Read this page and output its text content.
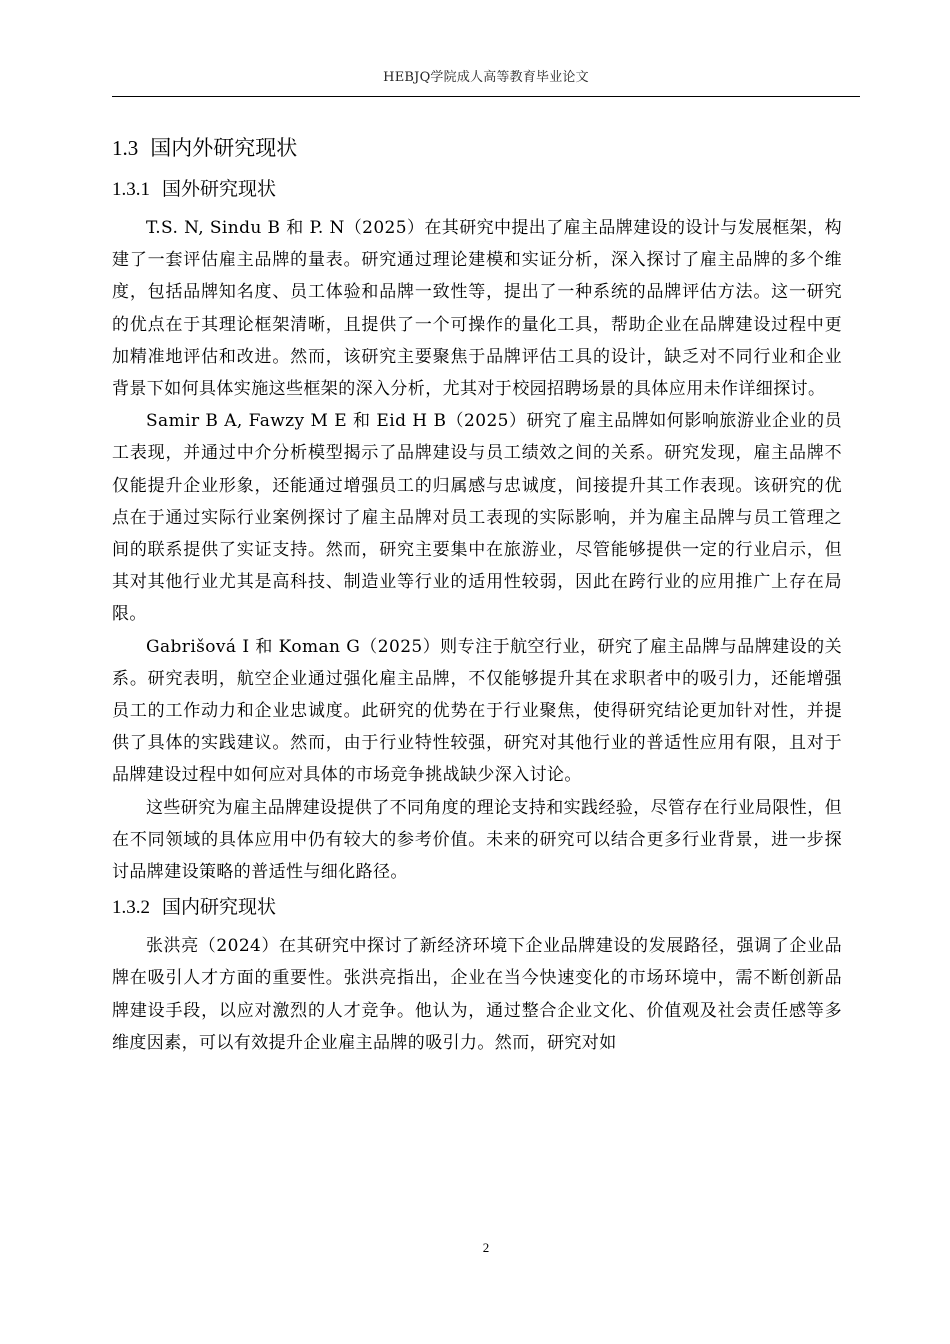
HEBJQ学院成人高等教育毕业论文
1.3 国内外研究现状
1.3.1 国外研究现状

T.S. N, Sindu B 和 P. N（2025）在其研究中提出了雇主品牌建设的设计与发展框架，构建了一套评估雇主品牌的量表。研究通过理论建模和实证分析，深入探讨了雇主品牌的多个维度，包括品牌知名度、员工体验和品牌一致性等，提出了一种系统的品牌评估方法。这一研究的优点在于其理论框架清晰，且提供了一个可操作的量化工具，帮助企业在品牌建设过程中更加精准地评估和改进。然而，该研究主要聚焦于品牌评估工具的设计，缺乏对不同行业和企业背景下如何具体实施这些框架的深入分析，尤其对于校园招聘场景的具体应用未作详细探讨。

Samir B A, Fawzy M E 和 Eid H B（2025）研究了雇主品牌如何影响旅游业企业的员工表现，并通过中介分析模型揭示了品牌建设与员工绩效之间的关系。研究发现，雇主品牌不仅能提升企业形象，还能通过增强员工的归属感与忠诚度，间接提升其工作表现。该研究的优点在于通过实际行业案例探讨了雇主品牌对员工表现的实际影响，并为雇主品牌与员工管理之间的联系提供了实证支持。然而，研究主要集中在旅游业，尽管能够提供一定的行业启示，但其对其他行业尤其是高科技、制造业等行业的适用性较弱，因此在跨行业的应用推广上存在局限。

Gabrišová I 和 Koman G（2025）则专注于航空行业，研究了雇主品牌与品牌建设的关系。研究表明，航空企业通过强化雇主品牌，不仅能够提升其在求职者中的吸引力，还能增强员工的工作动力和企业忠诚度。此研究的优势在于行业聚焦，使得研究结论更加针对性，并提供了具体的实践建议。然而，由于行业特性较强，研究对其他行业的普适性应用有限，且对于品牌建设过程中如何应对具体的市场竞争挑战缺少深入讨论。

这些研究为雇主品牌建设提供了不同角度的理论支持和实践经验，尽管存在行业局限性，但在不同领域的具体应用中仍有较大的参考价值。未来的研究可以结合更多行业背景，进一步探讨品牌建设策略的普适性与细化路径。

1.3.2 国内研究现状

张洪亮（2024）在其研究中探讨了新经济环境下企业品牌建设的发展路径，强调了企业品牌在吸引人才方面的重要性。张洪亮指出，企业在当今快速变化的市场环境中，需不断创新品牌建设手段，以应对激烈的人才竞争。他认为，通过整合企业文化、价值观及社会责任感等多维度因素，可以有效提升企业雇主品牌的吸引力。然而，研究对如

2
